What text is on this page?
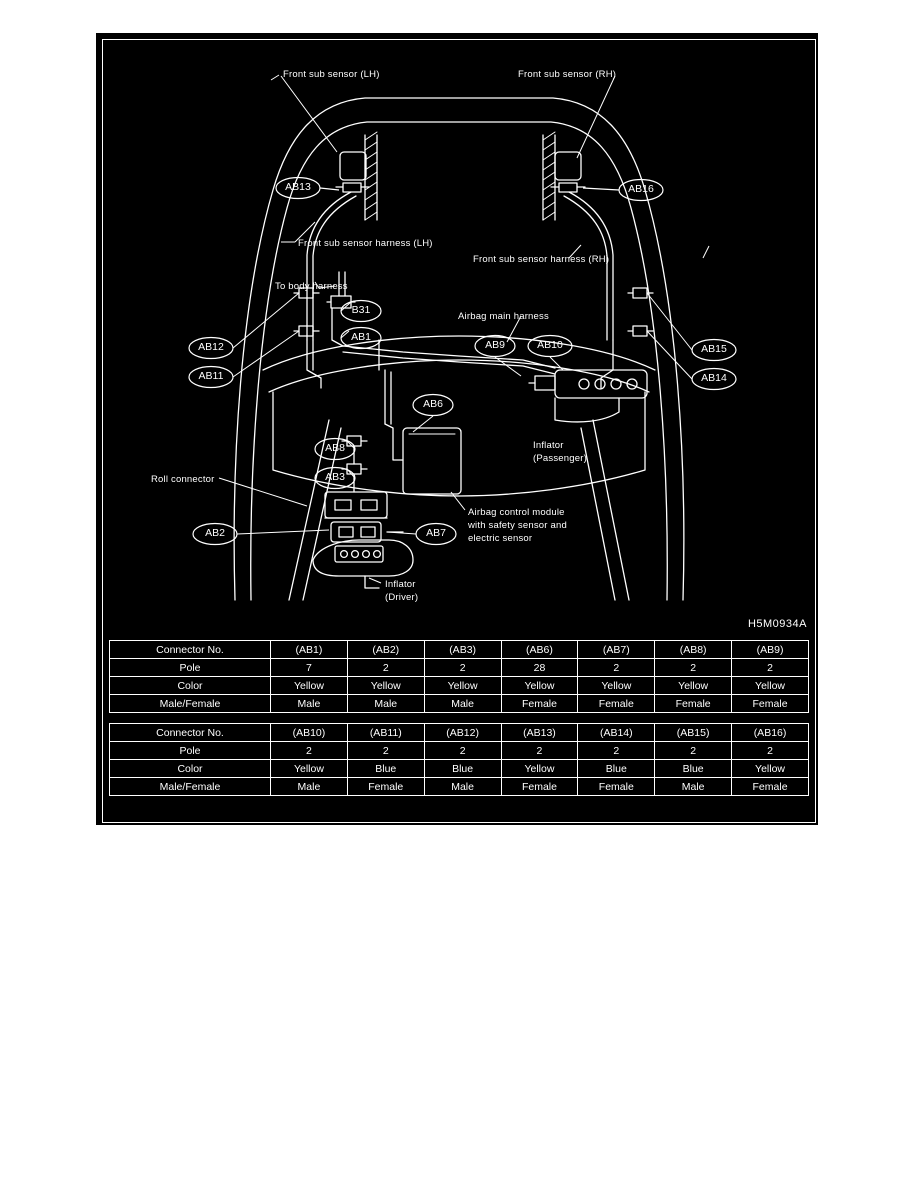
Front sub sensor (LH)	Front sub sensor (RH)
Front sub sensor harness (LH)
Front sub sensor harness (RH)
To body harness
Airbag main harness
Inflator
(Passenger)
Roll connector
Airbag control module
with safety sensor and
electric sensor
Inflator
(Driver)
AB13	AB16
B31
AB1
AB12
AB11
AB9	AB10	AB15
AB14
AB6
AB8
AB3
AB2	AB7
H5M0934A
Connector No.	(AB1)	(AB2)	(AB3)	(AB6)	(AB7)	(AB8)	(AB9)
Pole	7	2	2	28	2	2	2
Color	Yellow	Yellow	Yellow	Yellow	Yellow	Yellow	Yellow
Male/Female	Male	Male	Male	Female	Female	Female	Female
Connector No.	(AB10)	(AB11)	(AB12)	(AB13)	(AB14)	(AB15)	(AB16)
Pole	2	2	2	2	2	2	2
Color	Yellow	Blue	Blue	Yellow	Blue	Blue	Yellow
Male/Female	Male	Female	Male	Female	Female	Male	Female
